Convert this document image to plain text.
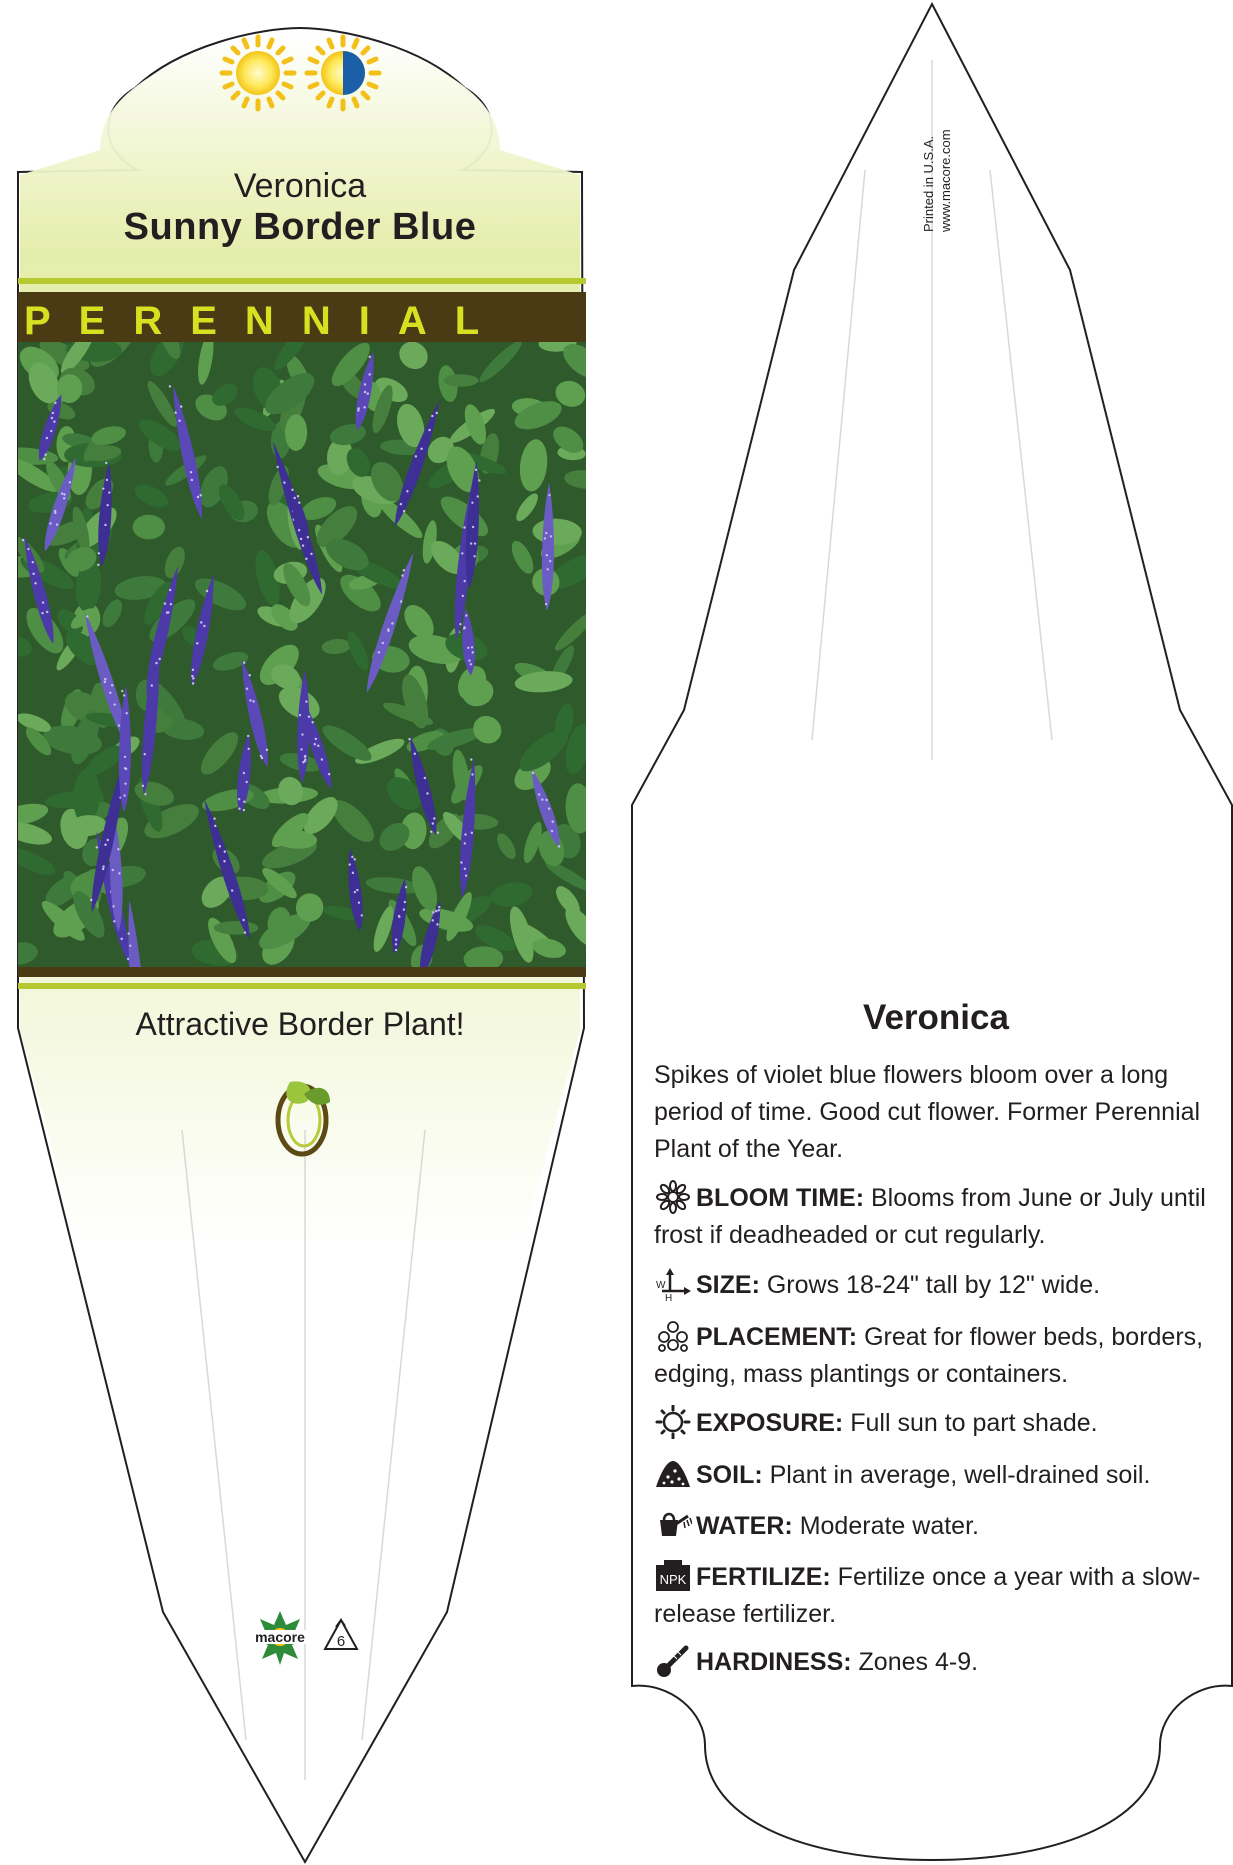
macore 6
Veronica
Sunny Border Blue
PERENNIAL
Attractive Border Plant!
Printed in U.S.A. www.macore.com
Veronica
Spikes of violet blue flowers bloom over a long period of time. Good cut flower. Former Perennial Plant of the Year.
BLOOM TIME: Blooms from June or July until frost if deadheaded or cut regularly.
W
H SIZE: Grows 18-24" tall by 12" wide.
PLACEMENT: Great for flower beds, borders, edging, mass plantings or containers.
EXPOSURE: Full sun to part shade.
SOIL: Plant in average, well-drained soil.
WATER: Moderate water.
NPK FERTILIZE: Fertilize once a year with a slow-release fertilizer.
HARDINESS: Zones 4-9.
